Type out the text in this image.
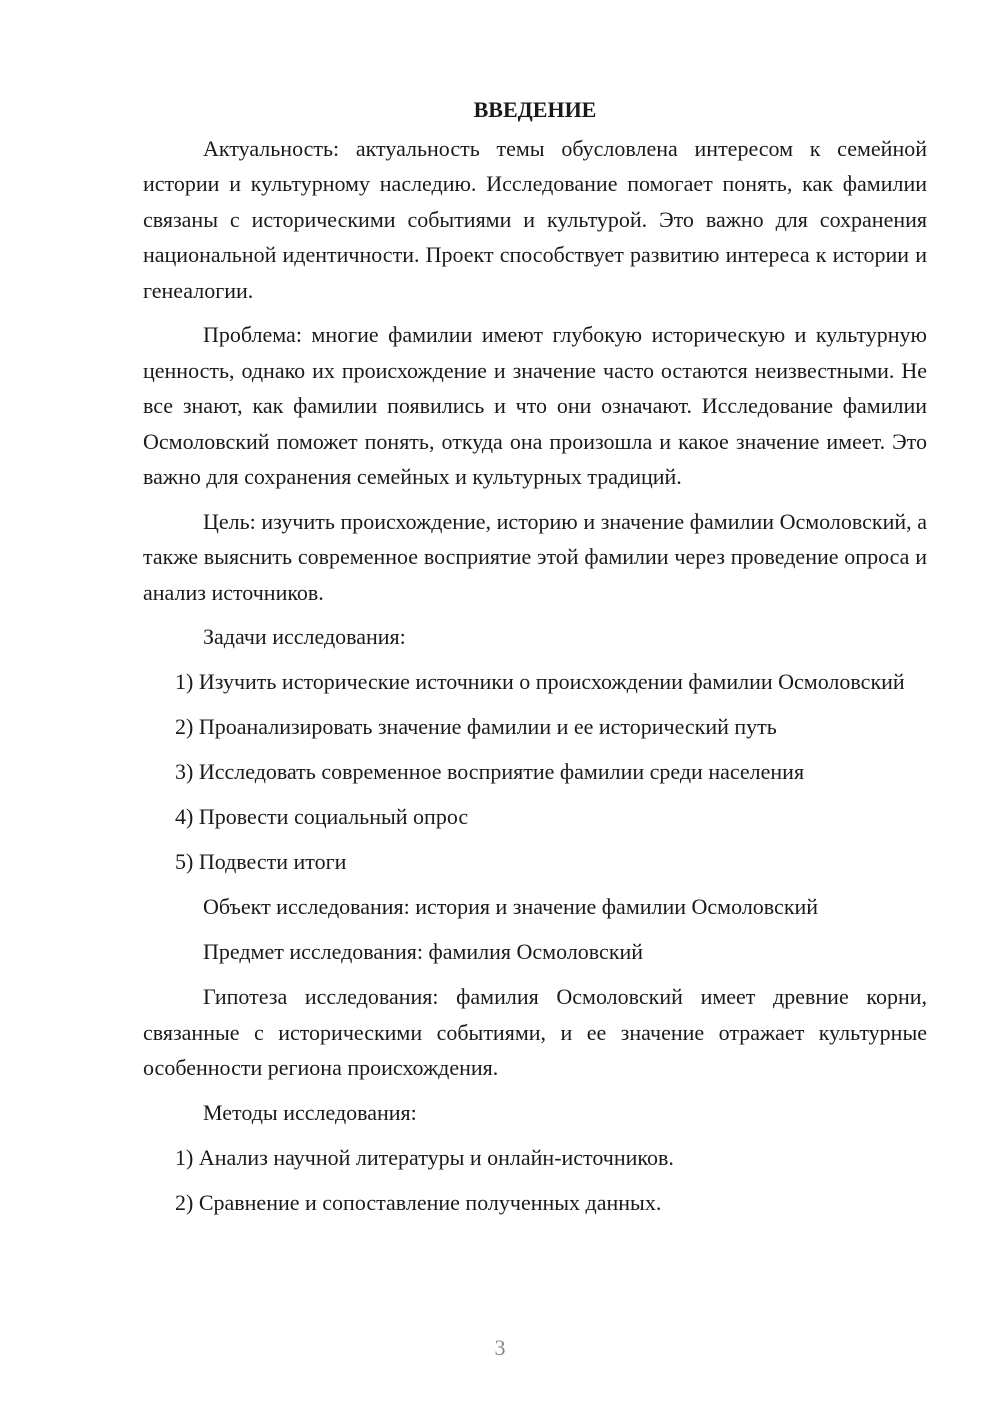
ВВЕДЕНИЕ

Актуальность: актуальность темы обусловлена интересом к семейной истории и культурному наследию. Исследование помогает понять, как фамилии связаны с историческими событиями и культурой. Это важно для сохранения национальной идентичности. Проект способствует развитию интереса к истории и генеалогии.

Проблема: многие фамилии имеют глубокую историческую и культурную ценность, однако их происхождение и значение часто остаются неизвестными. Не все знают, как фамилии появились и что они означают. Исследование фамилии Осмоловский поможет понять, откуда она произошла и какое значение имеет. Это важно для сохранения семейных и культурных традиций.

Цель: изучить происхождение, историю и значение фамилии Осмоловский, а также выяснить современное восприятие этой фамилии через проведение опроса и анализ источников.

Задачи исследования:

1) Изучить исторические источники о происхождении фамилии Осмоловский

2) Проанализировать значение фамилии и ее исторический путь

3) Исследовать современное восприятие фамилии среди населения

4) Провести социальный опрос

5) Подвести итоги

Объект исследования: история и значение фамилии Осмоловский

Предмет исследования: фамилия Осмоловский

Гипотеза исследования: фамилия Осмоловский имеет древние корни, связанные с историческими событиями, и ее значение отражает культурные особенности региона происхождения.

Методы исследования:

1) Анализ научной литературы и онлайн-источников.

2) Сравнение и сопоставление полученных данных.

3
